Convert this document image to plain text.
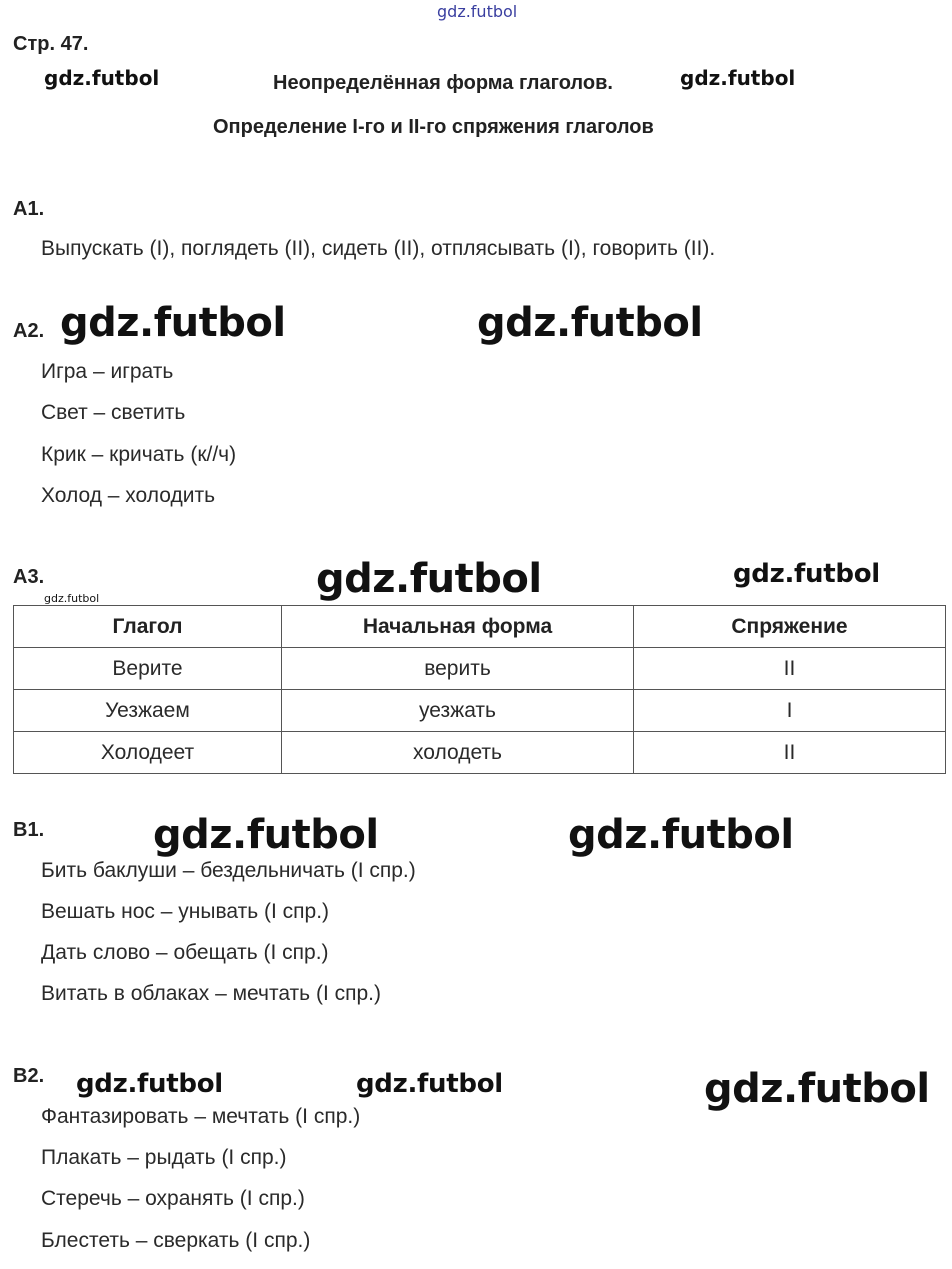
gdz.futbol
gdz.futbol	gdz.futbol
gdz.futbol	gdz.futbol
gdz.futbol	gdz.futbol
gdz.futbol
gdz.futbol	gdz.futbol
gdz.futbol	gdz.futbol	gdz.futbol
Стр. 47.
Неопределённая форма глаголов.
Определение I-го и II-го спряжения глаголов
А1.
Выпускать (I), поглядеть (II), сидеть (II), отплясывать (I), говорить (II).
А2.
Игра – играть
Свет – светить
Крик – кричать (к//ч)
Холод – холодить
А3.
Глагол	Начальная форма	Спряжение
Верите	верить	II
Уезжаем	уезжать	I
Холодеет	холодеть	II
В1.
Бить баклуши – бездельничать (I спр.)
Вешать нос – унывать (I спр.)
Дать слово – обещать (I спр.)
Витать в облаках – мечтать (I спр.)
В2.
Фантазировать – мечтать (I спр.)
Плакать – рыдать (I спр.)
Стеречь – охранять (I спр.)
Блестеть – сверкать (I спр.)
